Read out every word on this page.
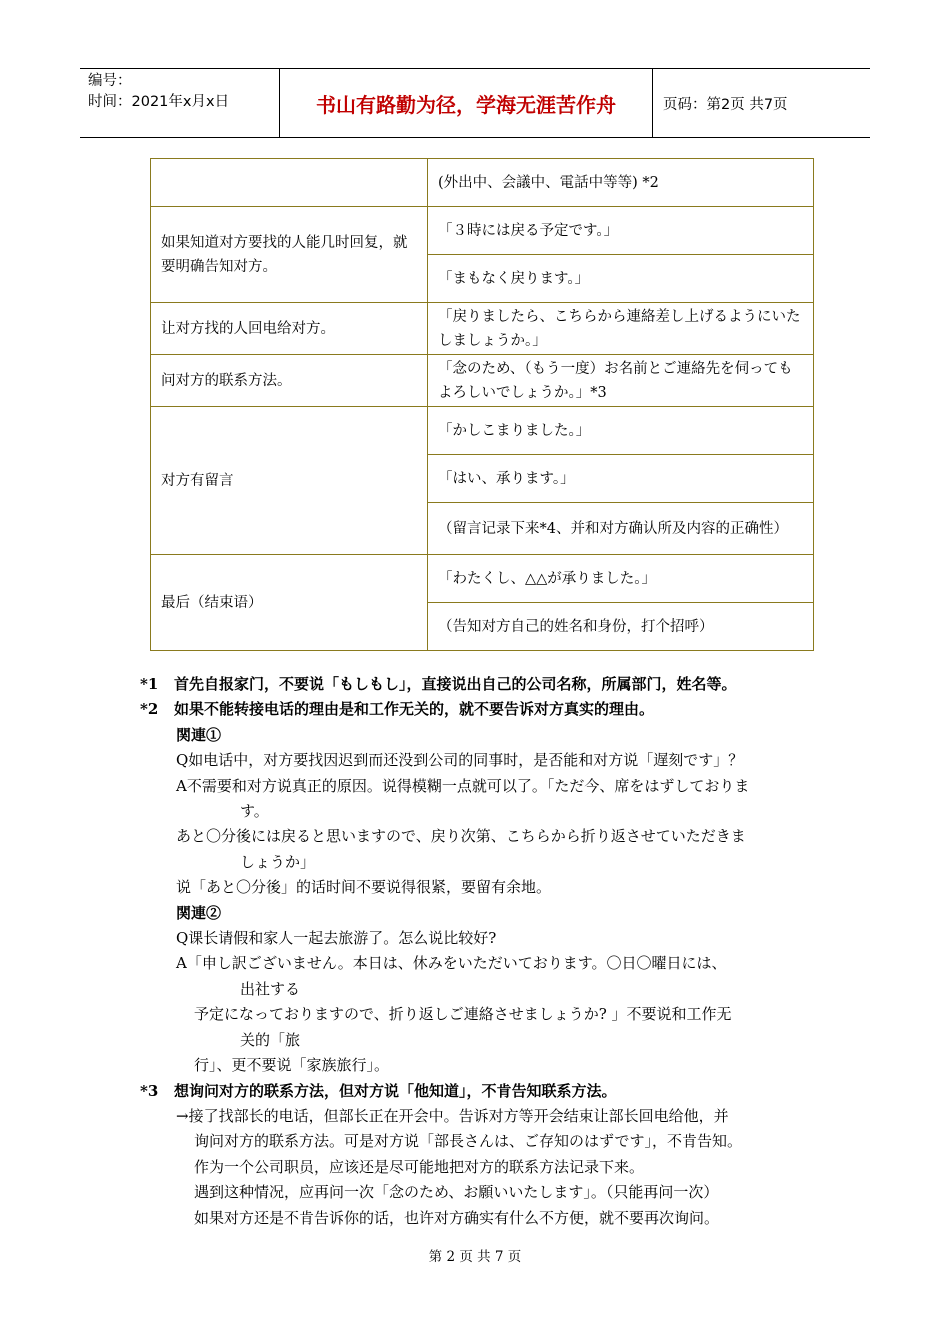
编号：
时间：2021年x月x日	书山有路勤为径，学海无涯苦作舟	页码：第2页 共7页
	(外出中、会議中、電話中等等) *2
如果知道对方要找的人能几时回复，就要明确告知对方。	「３時には戻る予定です。」
	「まもなく戻ります。」
让对方找的人回电给对方。	「戻りましたら、こちらから連絡差し上げるようにいたしましょうか。」
问对方的联系方法。	「念のため、（もう一度）お名前とご連絡先を伺ってもよろしいでしょうか。」*3
对方有留言	「かしこまりました。」
	「はい、承ります。」
	（留言记录下来*4、并和对方确认所及内容的正确性）
最后（结束语）	「わたくし、△△が承りました。」
	（告知对方自己的姓名和身份，打个招呼）
*1	首先自报家门，不要说「もしもし」，直接说出自己的公司名称，所属部门，姓名等。
*2	如果不能转接电话的理由是和工作无关的，就不要告诉对方真实的理由。
関連①
Q如电话中，对方要找因迟到而还没到公司的同事时，是否能和对方说「遅刻です」？
A不需要和对方说真正的原因。说得模糊一点就可以了。「ただ今、席をはずしておりま
す。
あと〇分後には戻ると思いますので、戻り次第、こちらから折り返させていただきま
しょうか」
说「あと〇分後」的话时间不要说得很紧，要留有余地。
関連②
Q课长请假和家人一起去旅游了。怎么说比较好?
A「申し訳ございません。本日は、休みをいただいております。〇日〇曜日には、
出社する
予定になっておりますので、折り返しご連絡させましょうか? 」不要说和工作无
关的「旅
行」、更不要说「家族旅行」。
*3	想询问对方的联系方法，但对方说「他知道」，不肯告知联系方法。
→接了找部长的电话，但部长正在开会中。告诉对方等开会结束让部长回电给他，并
询问对方的联系方法。可是对方说「部長さんは、ご存知のはずです」，不肯告知。
作为一个公司职员，应该还是尽可能地把对方的联系方法记录下来。
遇到这种情况，应再问一次「念のため、お願いいたします」。（只能再问一次）
如果对方还是不肯告诉你的话，也许对方确实有什么不方便，就不要再次询问。
第 2 页 共 7 页
